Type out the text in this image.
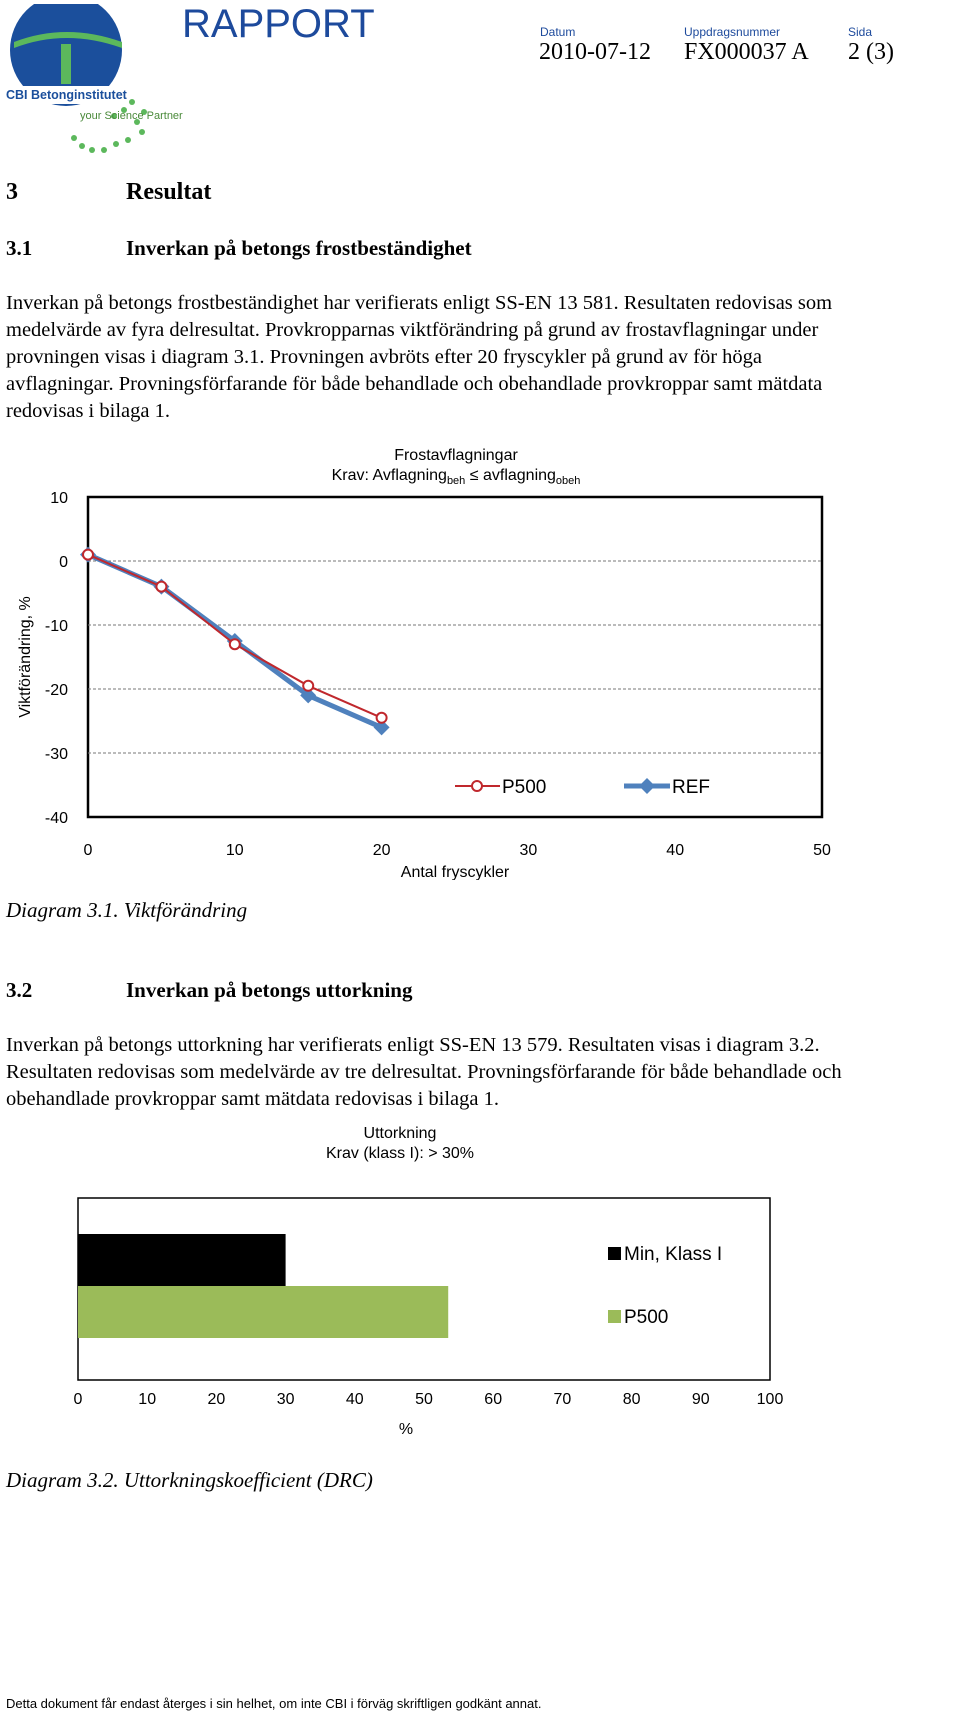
CBI Betonginstitutet
your Science Partner
RAPPORT	Datum
2010-07-12
Uppdragsnummer
FX000037 A
Sida
2 (3)
3	Resultat
3.1	Inverkan på betongs frostbeständighet
Inverkan på betongs frostbeständighet har verifierats enligt SS-EN 13 581. Resultaten redovisas som
medelvärde av fyra delresultat. Provkropparnas viktförändring på grund av frostavflagningar under
provningen visas i diagram 3.1. Provningen avbröts efter 20 fryscykler på grund av för höga
avflagningar. Provningsförfarande för både behandlade och obehandlade provkroppar samt mätdata
redovisas i bilaga 1.
Frostavflagningar
Krav: Avflagning$_{beh}$ ≤ avflagning$_{obeh}$
10
0
-10
-20
-30
-40
0	10	20	30	40	50
Antal fryscykler
Viktförändring, %
P500	REF
Diagram 3.1. Viktförändring
3.2	Inverkan på betongs uttorkning
Inverkan på betongs uttorkning har verifierats enligt SS-EN 13 579. Resultaten visas i diagram 3.2.
Resultaten redovisas som medelvärde av tre delresultat. Provningsförfarande för både behandlade och
obehandlade provkroppar samt mätdata redovisas i bilaga 1.
Uttorkning
Krav (klass I): > 30%
0	10	20	30	40	50	60	70	80	90	100
%
Min, Klass I
P500
Diagram 3.2. Uttorkningskoefficient (DRC)
Detta dokument får endast återges i sin helhet, om inte CBI i förväg skriftligen godkänt annat.
